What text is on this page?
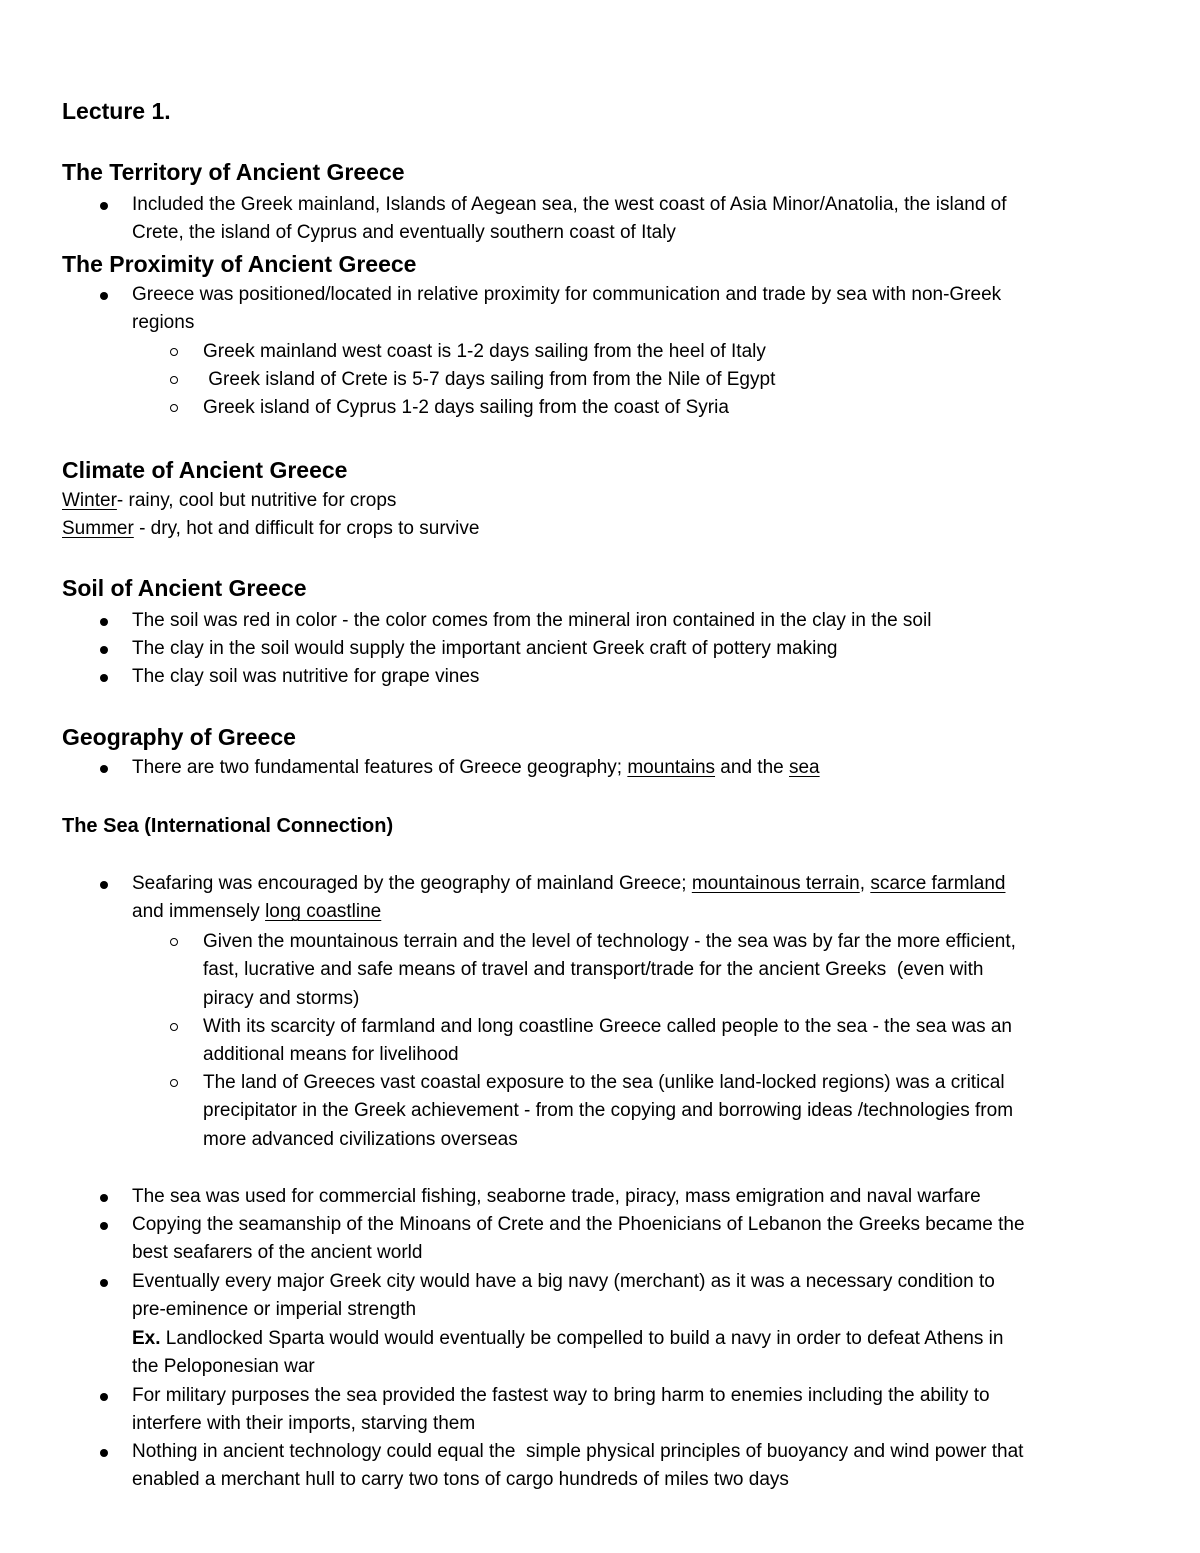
Lecture 1.
The Territory of Ancient Greece
Included the Greek mainland, Islands of Aegean sea, the west coast of Asia Minor/Anatolia, the island of
Crete, the island of Cyprus and eventually southern coast of Italy
The Proximity of Ancient Greece
Greece was positioned/located in relative proximity for communication and trade by sea with non-Greek
regions
Greek mainland west coast is 1-2 days sailing from the heel of Italy
Greek island of Crete is 5-7 days sailing from from the Nile of Egypt
Greek island of Cyprus 1-2 days sailing from the coast of Syria
Climate of Ancient Greece
Winter- rainy, cool but nutritive for crops
Summer - dry, hot and difficult for crops to survive
Soil of Ancient Greece
The soil was red in color - the color comes from the mineral iron contained in the clay in the soil
The clay in the soil would supply the important ancient Greek craft of pottery making
The clay soil was nutritive for grape vines
Geography of Greece
There are two fundamental features of Greece geography; mountains and the sea
The Sea (International Connection)
Seafaring was encouraged by the geography of mainland Greece; mountainous terrain, scarce farmland
and immensely long coastline
Given the mountainous terrain and the level of technology - the sea was by far the more efficient,
fast, lucrative and safe means of travel and transport/trade for the ancient Greeks  (even with
piracy and storms)
With its scarcity of farmland and long coastline Greece called people to the sea - the sea was an
additional means for livelihood
The land of Greeces vast coastal exposure to the sea (unlike land-locked regions) was a critical
precipitator in the Greek achievement - from the copying and borrowing ideas /technologies from
more advanced civilizations overseas
The sea was used for commercial fishing, seaborne trade, piracy, mass emigration and naval warfare
Copying the seamanship of the Minoans of Crete and the Phoenicians of Lebanon the Greeks became the
best seafarers of the ancient world
Eventually every major Greek city would have a big navy (merchant) as it was a necessary condition to
pre-eminence or imperial strength
Ex. Landlocked Sparta would would eventually be compelled to build a navy in order to defeat Athens in
the Peloponesian war
For military purposes the sea provided the fastest way to bring harm to enemies including the ability to
interfere with their imports, starving them
Nothing in ancient technology could equal the  simple physical principles of buoyancy and wind power that
enabled a merchant hull to carry two tons of cargo hundreds of miles two days
